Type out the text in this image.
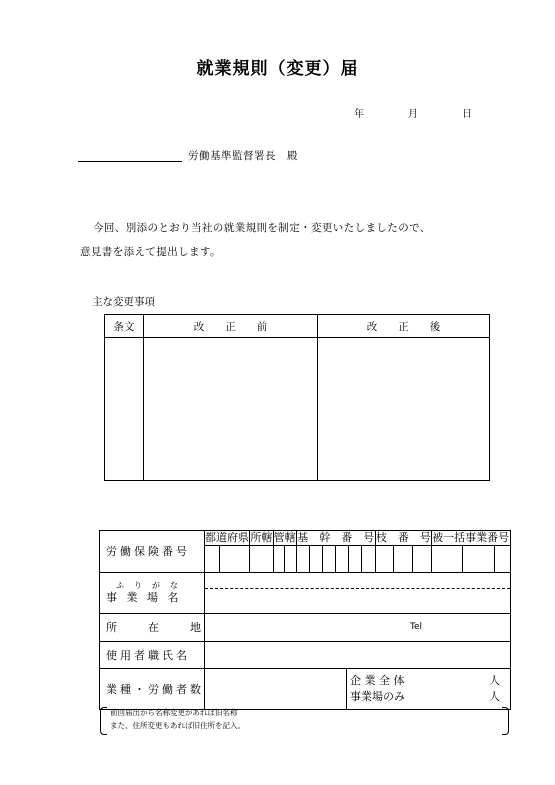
就業規則（変更）届
年	月	日
労働基準監督署長　殿
今回、別添のとおり当社の就業規則を制定・変更いたしましたので、
意見書を添えて提出します。
主な変更事項
条文	改　　正　　前	改　　正　　後

労働保険番号	
都道府県	所轄	管轄	基　幹　番　号	枝　番　号	被一括事業番号

ふ　り　が　な
事 業 場 名

所　　在　　地	Tel

使用者職氏名	
業種・労働者数	

企 業 全 体	人
事業場のみ	人
前回届出から名称変更があれば旧名称
また、住所変更もあれば旧住所を記入。
